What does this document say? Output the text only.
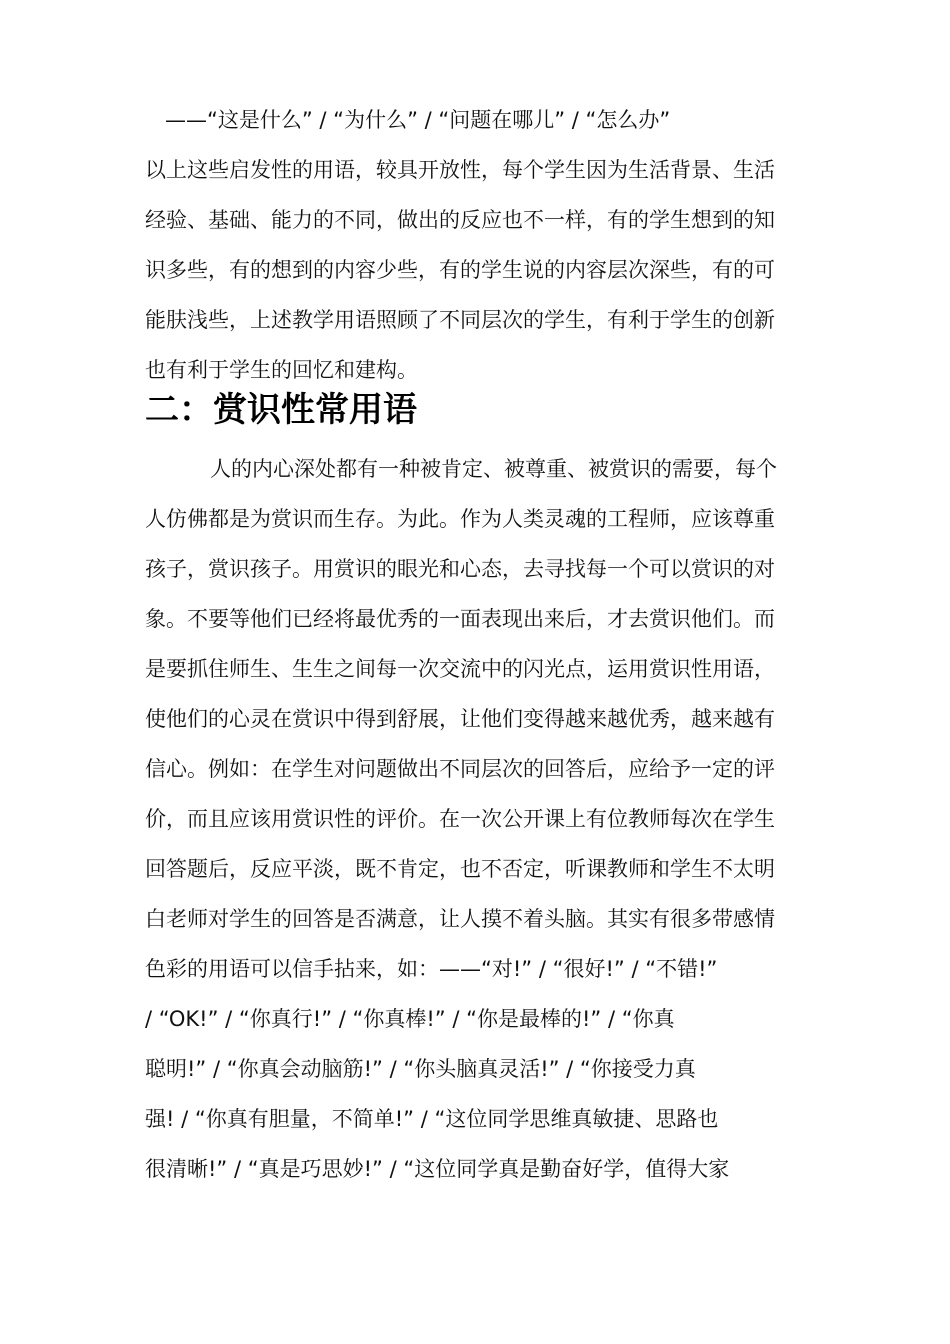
——“这是什么” / “为什么” / “问题在哪儿” / “怎么办”
以上这些启发性的用语，较具开放性，每个学生因为生活背景、生活
经验、基础、能力的不同，做出的反应也不一样，有的学生想到的知
识多些，有的想到的内容少些，有的学生说的内容层次深些，有的可
能肤浅些，上述教学用语照顾了不同层次的学生，有利于学生的创新
也有利于学生的回忆和建构。
二：赏识性常用语
人的内心深处都有一种被肯定、被尊重、被赏识的需要，每个
人仿佛都是为赏识而生存。为此。作为人类灵魂的工程师，应该尊重
孩子，赏识孩子。用赏识的眼光和心态，去寻找每一个可以赏识的对
象。不要等他们已经将最优秀的一面表现出来后，才去赏识他们。而
是要抓住师生、生生之间每一次交流中的闪光点，运用赏识性用语，
使他们的心灵在赏识中得到舒展，让他们变得越来越优秀，越来越有
信心。例如：在学生对问题做出不同层次的回答后，应给予一定的评
价，而且应该用赏识性的评价。在一次公开课上有位教师每次在学生
回答题后，反应平淡，既不肯定，也不否定，听课教师和学生不太明
白老师对学生的回答是否满意，让人摸不着头脑。其实有很多带感情
色彩的用语可以信手拈来，如：——“对!” / “很好!” / “不错!”
/ “OK!” / “你真行!” / “你真棒!” / “你是最棒的!” / “你真
聪明!” / “你真会动脑筋!” / “你头脑真灵活!” / “你接受力真
强! / “你真有胆量，不简单!” / “这位同学思维真敏捷、思路也
很清晰!” / “真是巧思妙!” / “这位同学真是勤奋好学，值得大家
